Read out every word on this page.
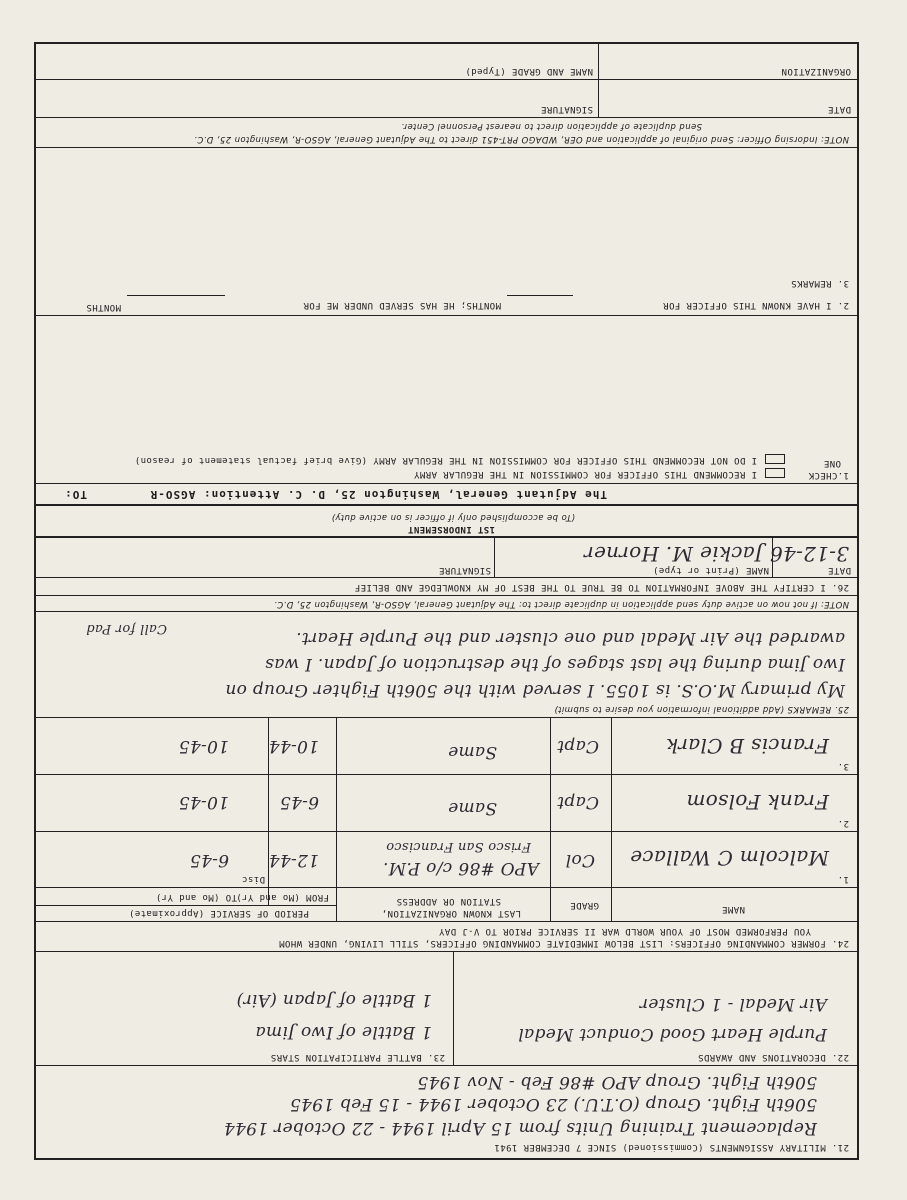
21. MILITARY ASSIGNMENTS (Commissioned) SINCE 7 DECEMBER 1941
Replacement Training Units from 15 April 1944 - 22 October 1944
506th Fight. Group (O.T.U.) 23 October 1944 - 15 Feb 1945
506th Fight. Group APO #86 Feb - Nov 1945
22. DECORATIONS AND AWARDS
Purple Heart Good Conduct Medal
Air Medal - 1 Cluster
23. BATTLE PARTICIPATION STARS
1 Battle of Iwo Jima
1 Battle of Japan (Air)
24. FORMER COMMANDING OFFICERS: LIST BELOW IMMEDIATE COMMANDING OFFICERS, STILL LIVING, UNDER WHOM
YOU PERFORMED MOST OF YOUR WORLD WAR II SERVICE PRIOR TO V-J DAY
NAME
GRADE
LAST KNOWN ORGANIZATION,
STATION OR ADDRESS
PERIOD OF SERVICE (Approximate)
FROM (Mo and Yr)
TO (Mo and Yr)
1.
Malcolm C Wallace
Col
APO #86 c/o P.M.
Frisco San Francisco
12-44
Disc
6-45
2.
Frank Folsom
Capt
Same
6-45
10-45
3.
Francis B Clark
Capt
Same
10-44
10-45
25. REMARKS (Add additional information you desire to submit)
My primary M.O.S. is 1055. I served with the 506th Fighter Group on
Iwo Jima during the last stages of the destruction of Japan. I was
awarded the Air Medal and one cluster and the Purple Heart.
Call for Pad
NOTE: If not now on active duty send application in duplicate direct to: The Adjutant General, AGSO-R, Washington 25, D.C.
26. I CERTIFY THE ABOVE INFORMATION TO BE TRUE TO THE BEST OF MY KNOWLEDGE AND BELIEF
DATE
NAME (Print or type)
SIGNATURE
3-12-46
Jackie M. Horner
1ST INDORSEMENT
(To be accomplished only if officer is on active duty)
TO:	The Adjutant General, Washington 25, D. C. Attention: AGSO-R
1.CHECK
ONE
I RECOMMEND THIS OFFICER FOR COMMISSION IN THE REGULAR ARMY
I DO NOT RECOMMEND THIS OFFICER FOR COMMISSION IN THE REGULAR ARMY (Give brief factual statement of reason)
2. I HAVE KNOWN THIS OFFICER FOR
MONTHS; HE HAS SERVED UNDER ME FOR
MONTHS
3. REMARKS
NOTE: Indorsing Officer: Send original of application and OER, WDAGO PRT-451 direct to The Adjutant General, AGSO-R, Washington 25, D.C.
Send duplicate of application direct to nearest Personnel Center.
DATE
SIGNATURE
ORGANIZATION
NAME AND GRADE (Typed)
